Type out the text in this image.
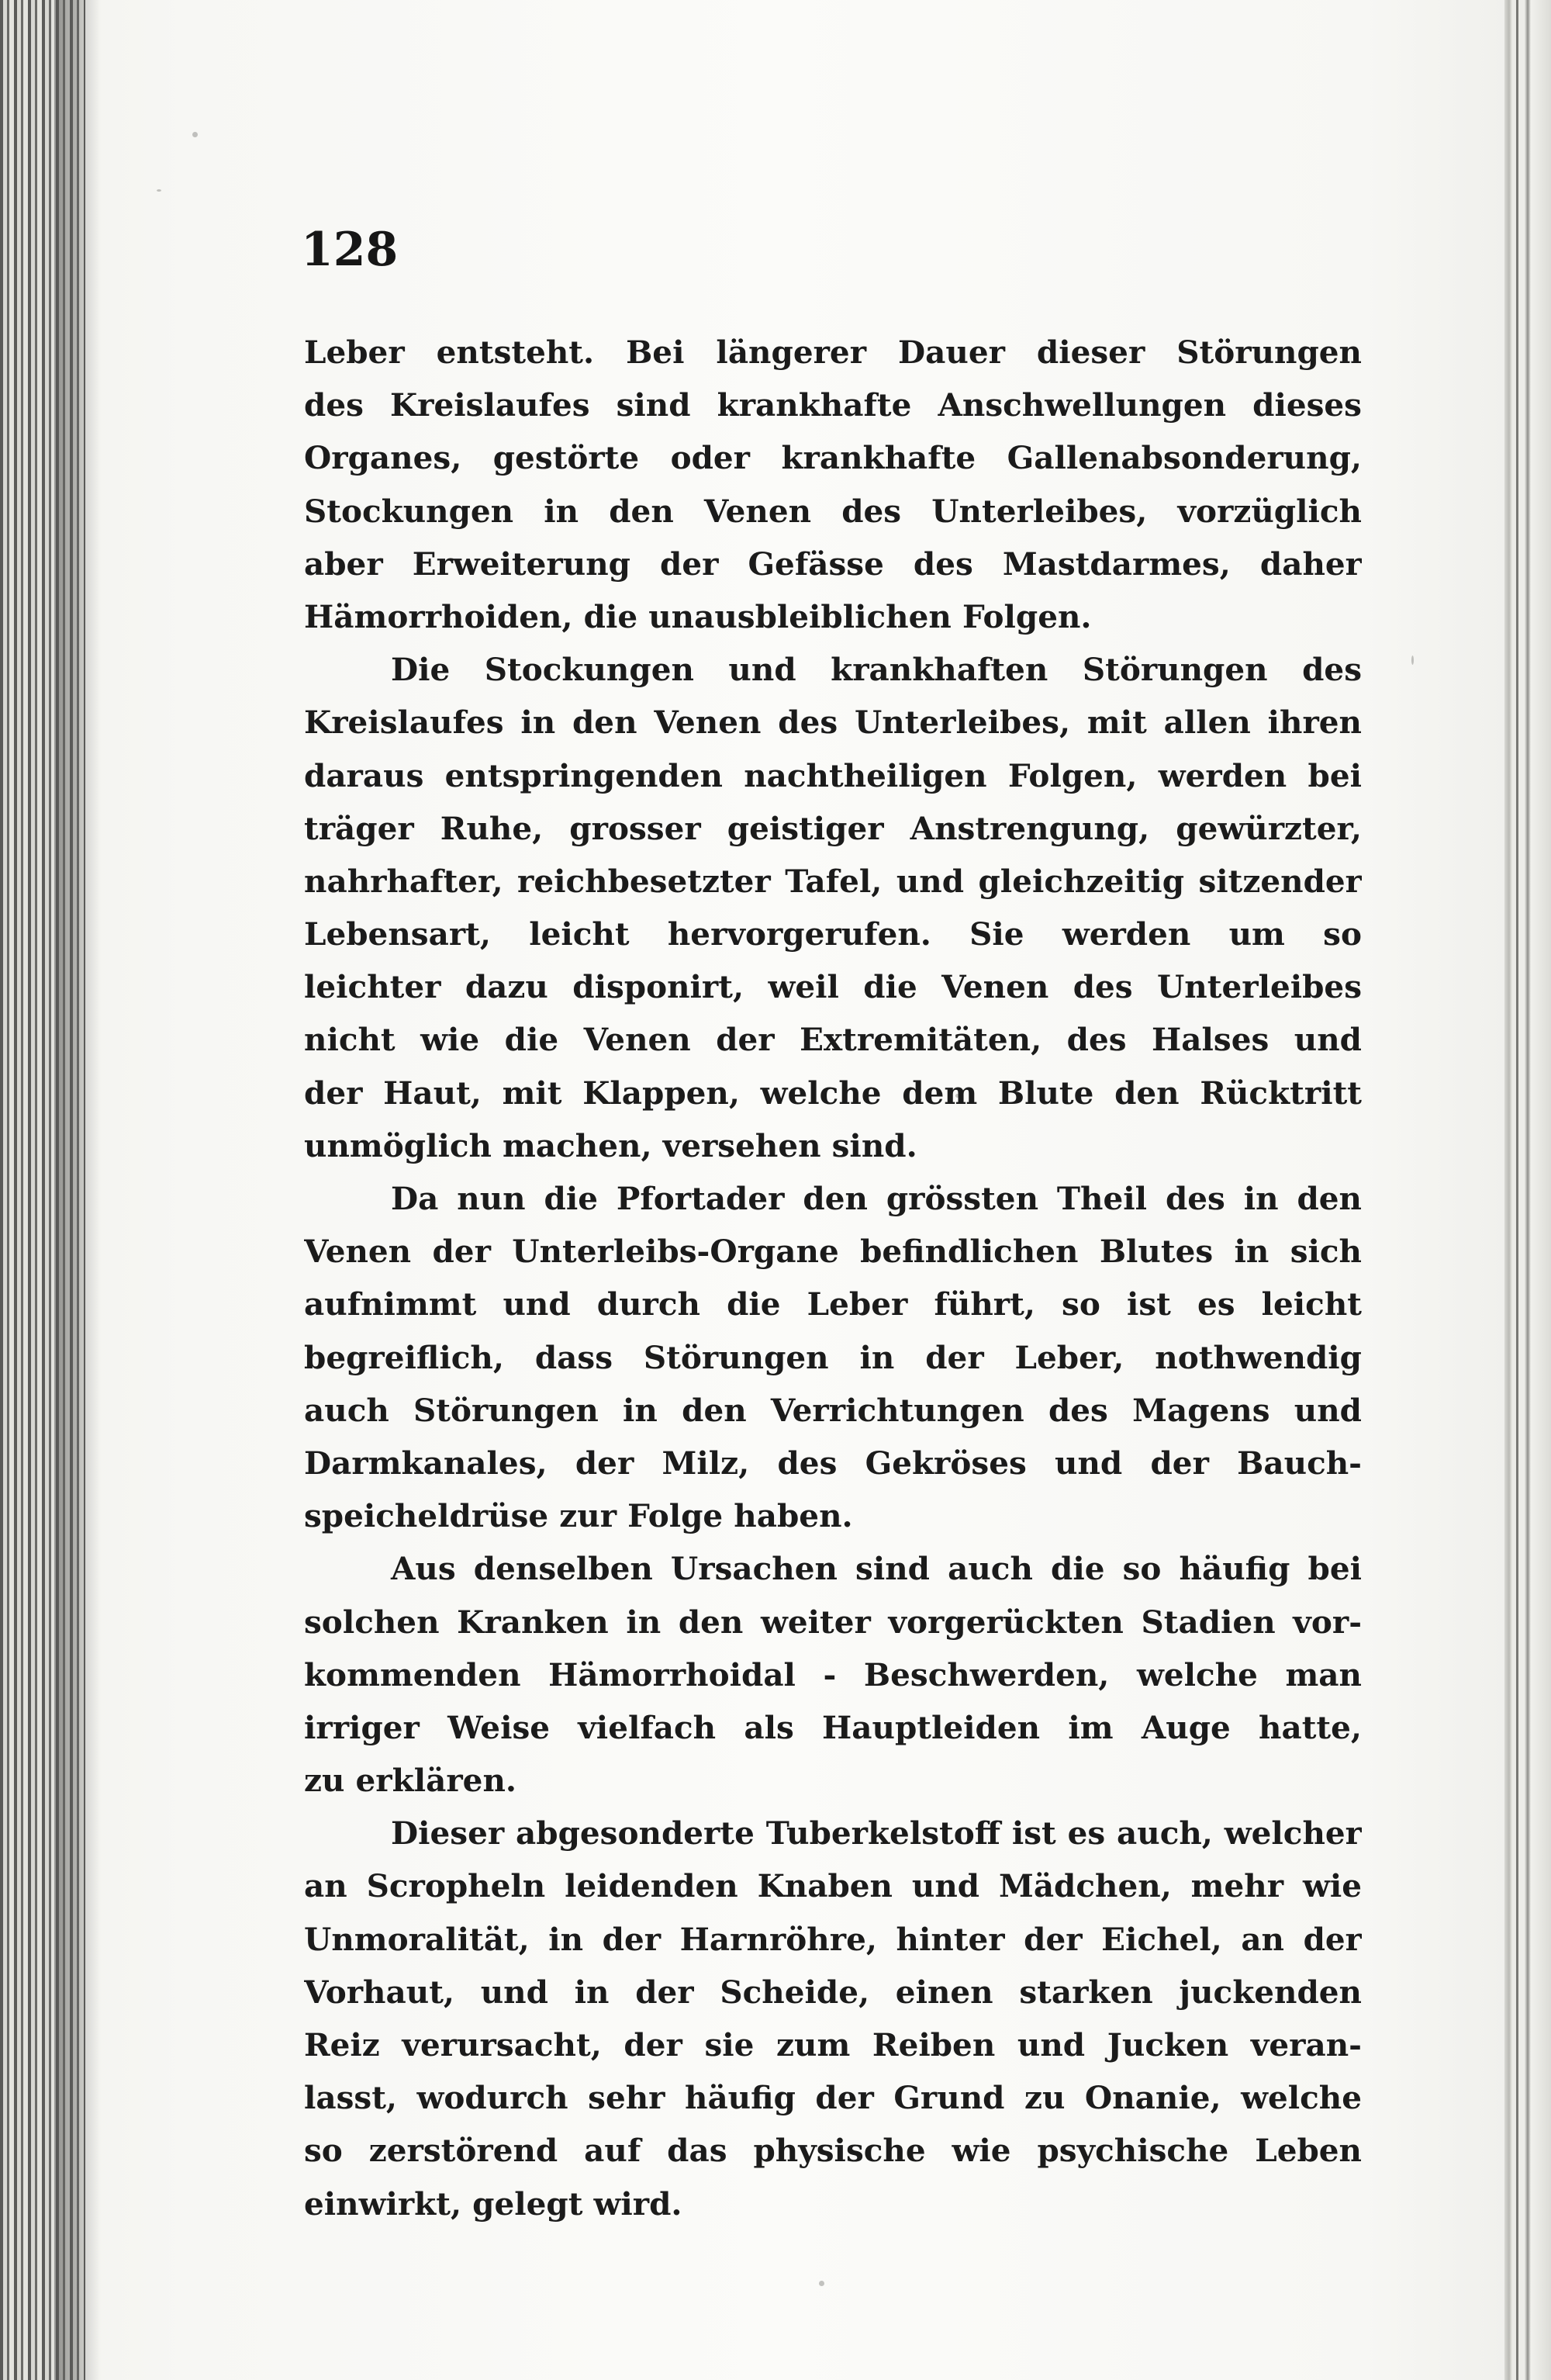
128
Leber entsteht. Bei längerer Dauer dieser Störungen
des Kreislaufes sind krankhafte Anschwellungen dieses
Organes, gestörte oder krankhafte Gallenabsonderung,
Stockungen in den Venen des Unterleibes, vorzüglich
aber Erweiterung der Gefässe des Mastdarmes, daher
Hämorrhoiden, die unausbleiblichen Folgen.
Die Stockungen und krankhaften Störungen des
Kreislaufes in den Venen des Unterleibes, mit allen ihren
daraus entspringenden nachtheiligen Folgen, werden bei
träger Ruhe, grosser geistiger Anstrengung, gewürzter,
nahrhafter, reichbesetzter Tafel, und gleichzeitig sitzender
Lebensart, leicht hervorgerufen. Sie werden um so
leichter dazu disponirt, weil die Venen des Unterleibes
nicht wie die Venen der Extremitäten, des Halses und
der Haut, mit Klappen, welche dem Blute den Rücktritt
unmöglich machen, versehen sind.
Da nun die Pfortader den grössten Theil des in den
Venen der Unterleibs-Organe befindlichen Blutes in sich
aufnimmt und durch die Leber führt, so ist es leicht
begreiflich, dass Störungen in der Leber, nothwendig
auch Störungen in den Verrichtungen des Magens und
Darmkanales, der Milz, des Gekröses und der Bauch-
speicheldrüse zur Folge haben.
Aus denselben Ursachen sind auch die so häufig bei
solchen Kranken in den weiter vorgerückten Stadien vor-
kommenden Hämorrhoidal - Beschwerden, welche man
irriger Weise vielfach als Hauptleiden im Auge hatte,
zu erklären.
Dieser abgesonderte Tuberkelstoff ist es auch, welcher
an Scropheln leidenden Knaben und Mädchen, mehr wie
Unmoralität, in der Harnröhre, hinter der Eichel, an der
Vorhaut, und in der Scheide, einen starken juckenden
Reiz verursacht, der sie zum Reiben und Jucken veran-
lasst, wodurch sehr häufig der Grund zu Onanie, welche
so zerstörend auf das physische wie psychische Leben
einwirkt, gelegt wird.
